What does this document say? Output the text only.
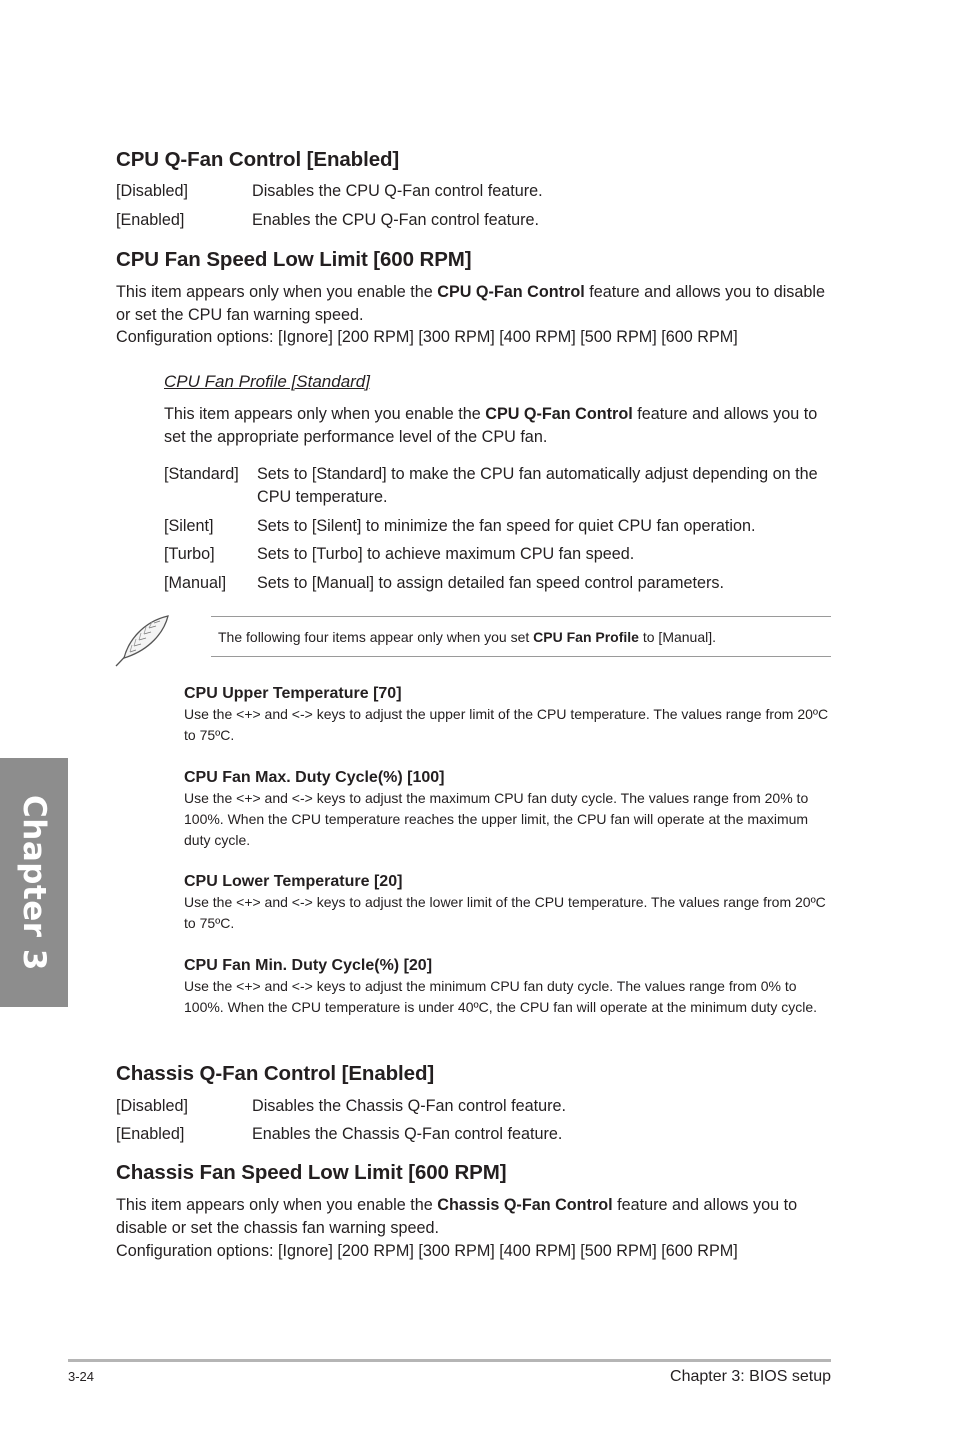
CPU Q-Fan Control [Enabled]
[Disabled]	Disables the CPU Q-Fan control feature.
[Enabled]	Enables the CPU Q-Fan control feature.
CPU Fan Speed Low Limit [600 RPM]

This item appears only when you enable the CPU Q-Fan Control feature and allows you to disable or set the CPU fan warning speed.

Configuration options: [Ignore] [200 RPM] [300 RPM] [400 RPM] [500 RPM] [600 RPM]

CPU Fan Profile [Standard]

This item appears only when you enable the CPU Q-Fan Control feature and allows you to set the appropriate performance level of the CPU fan.

[Standard] Sets to [Standard] to make the CPU fan automatically adjust depending on the CPU temperature.

[Silent]	Sets to [Silent] to minimize the fan speed for quiet CPU fan operation.
[Turbo]	Sets to [Turbo] to achieve maximum CPU fan speed.
[Manual] Sets to [Manual] to assign detailed fan speed control parameters.

The following four items appear only when you set CPU Fan Profile to [Manual].

CPU Upper Temperature [70]

Use the <+> and <-> keys to adjust the upper limit of the CPU temperature. The values range from 20ºC to 75ºC.

CPU Fan Max. Duty Cycle(%) [100]

Use the <+> and <-> keys to adjust the maximum CPU fan duty cycle. The values range from 20% to 100%. When the CPU temperature reaches the upper limit, the CPU fan will operate at the maximum duty cycle.

CPU Lower Temperature [20]

Use the <+> and <-> keys to adjust the lower limit of the CPU temperature. The values range from 20ºC to 75ºC.

CPU Fan Min. Duty Cycle(%) [20]

Use the <+> and <-> keys to adjust the minimum CPU fan duty cycle. The values range from 0% to 100%. When the CPU temperature is under 40ºC, the CPU fan will operate at the minimum duty cycle.

Chassis Q-Fan Control [Enabled]
[Disabled]	Disables the Chassis Q-Fan control feature.
[Enabled]	Enables the Chassis Q-Fan control feature.
Chassis Fan Speed Low Limit [600 RPM]

This item appears only when you enable the Chassis Q-Fan Control feature and allows you to disable or set the chassis fan warning speed.

Configuration options: [Ignore] [200 RPM] [300 RPM] [400 RPM] [500 RPM] [600 RPM]

Chapter 3
3-24	Chapter 3: BIOS setup
